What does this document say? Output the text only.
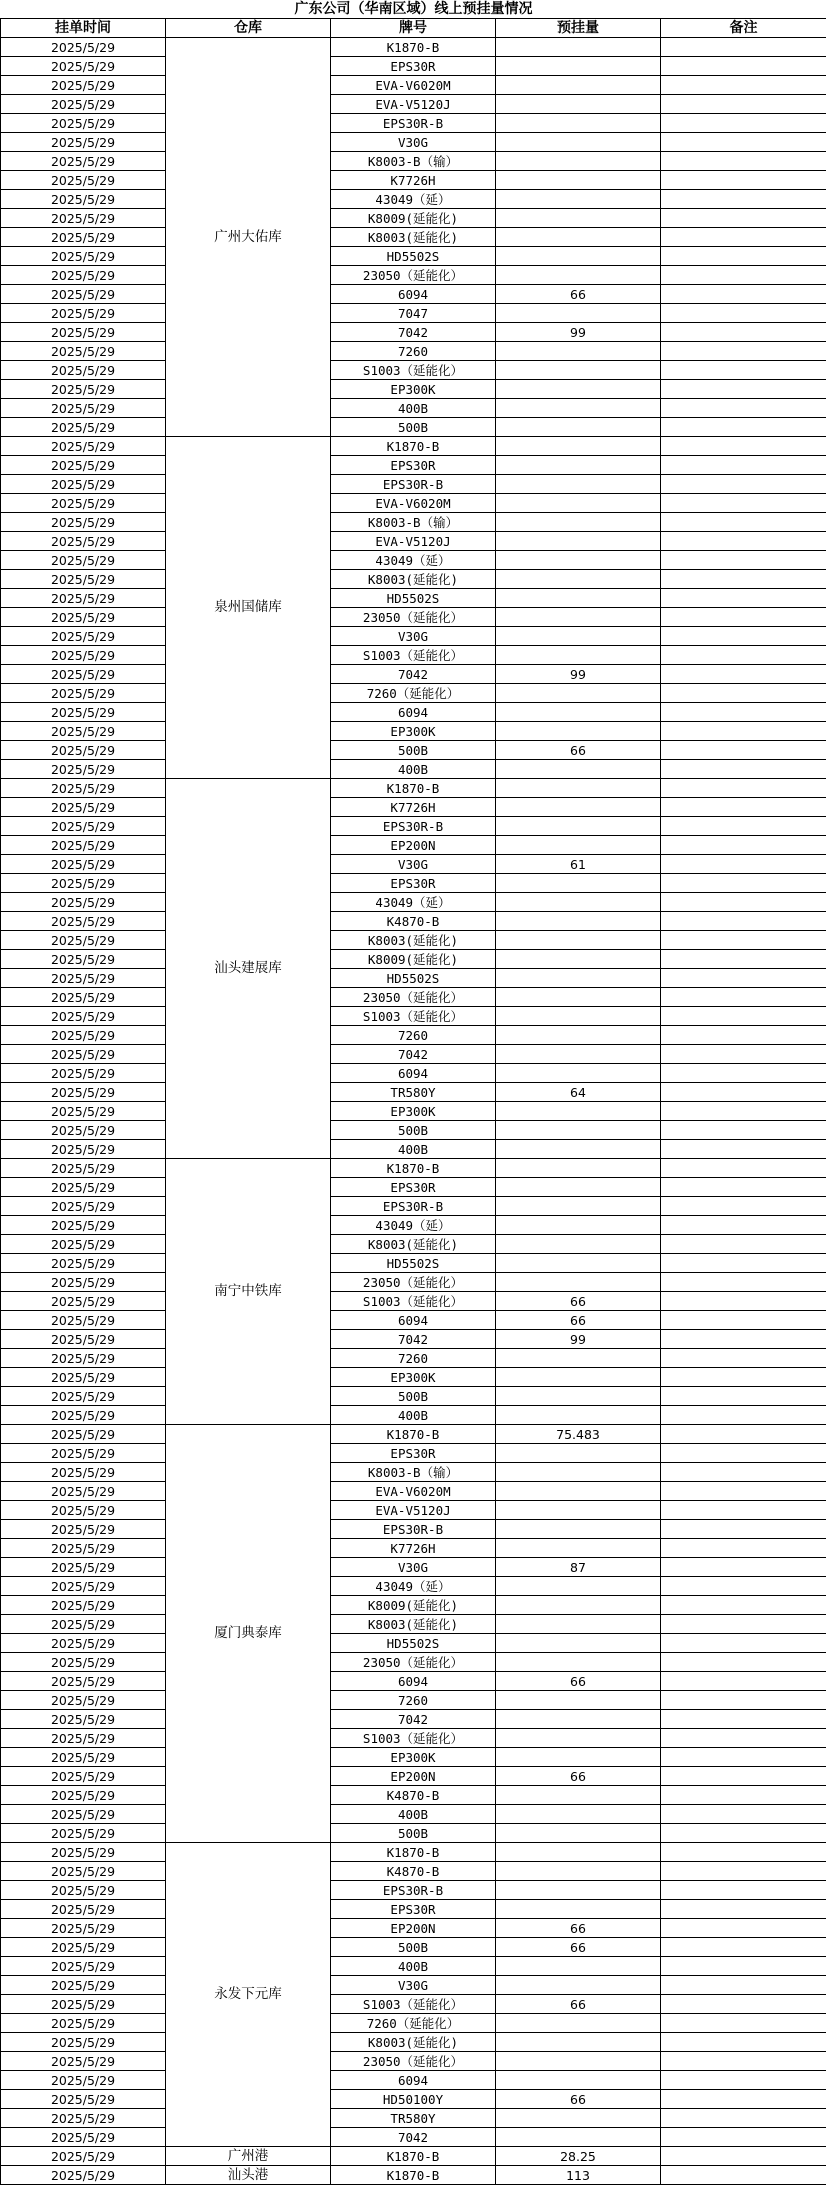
广东公司（华南区域）线上预挂量情况				
挂单时间	仓库	牌号	预挂量	备注
2025/5/29	广州大佑库	K1870-B		
2025/5/29		EPS30R		
2025/5/29		EVA-V6020M		
2025/5/29		EVA-V5120J		
2025/5/29		EPS30R-B		
2025/5/29		V30G		
2025/5/29		K8003-B（输）		
2025/5/29		K7726H		
2025/5/29		43049（延）		
2025/5/29		K8009(延能化)		
2025/5/29		K8003(延能化)		
2025/5/29		HD5502S		
2025/5/29		23050（延能化）		
2025/5/29		6094	66	
2025/5/29		7047		
2025/5/29		7042	99	
2025/5/29		7260		
2025/5/29		S1003（延能化）		
2025/5/29		EP300K		
2025/5/29		400B		
2025/5/29		500B		
2025/5/29	泉州国储库	K1870-B		
2025/5/29		EPS30R		
2025/5/29		EPS30R-B		
2025/5/29		EVA-V6020M		
2025/5/29		K8003-B（输）		
2025/5/29		EVA-V5120J		
2025/5/29		43049（延）		
2025/5/29		K8003(延能化)		
2025/5/29		HD5502S		
2025/5/29		23050（延能化）		
2025/5/29		V30G		
2025/5/29		S1003（延能化）		
2025/5/29		7042	99	
2025/5/29		7260（延能化）		
2025/5/29		6094		
2025/5/29		EP300K		
2025/5/29		500B	66	
2025/5/29		400B		
2025/5/29	汕头建展库	K1870-B		
2025/5/29		K7726H		
2025/5/29		EPS30R-B		
2025/5/29		EP200N		
2025/5/29		V30G	61	
2025/5/29		EPS30R		
2025/5/29		43049（延）		
2025/5/29		K4870-B		
2025/5/29		K8003(延能化)		
2025/5/29		K8009(延能化)		
2025/5/29		HD5502S		
2025/5/29		23050（延能化）		
2025/5/29		S1003（延能化）		
2025/5/29		7260		
2025/5/29		7042		
2025/5/29		6094		
2025/5/29		TR580Y	64	
2025/5/29		EP300K		
2025/5/29		500B		
2025/5/29		400B		
2025/5/29	南宁中铁库	K1870-B		
2025/5/29		EPS30R		
2025/5/29		EPS30R-B		
2025/5/29		43049（延）		
2025/5/29		K8003(延能化)		
2025/5/29		HD5502S		
2025/5/29		23050（延能化）		
2025/5/29		S1003（延能化）	66	
2025/5/29		6094	66	
2025/5/29		7042	99	
2025/5/29		7260		
2025/5/29		EP300K		
2025/5/29		500B		
2025/5/29		400B		
2025/5/29	厦门典泰库	K1870-B	75.483	
2025/5/29		EPS30R		
2025/5/29		K8003-B（输）		
2025/5/29		EVA-V6020M		
2025/5/29		EVA-V5120J		
2025/5/29		EPS30R-B		
2025/5/29		K7726H		
2025/5/29		V30G	87	
2025/5/29		43049（延）		
2025/5/29		K8009(延能化)		
2025/5/29		K8003(延能化)		
2025/5/29		HD5502S		
2025/5/29		23050（延能化）		
2025/5/29		6094	66	
2025/5/29		7260		
2025/5/29		7042		
2025/5/29		S1003（延能化）		
2025/5/29		EP300K		
2025/5/29		EP200N	66	
2025/5/29		K4870-B		
2025/5/29		400B		
2025/5/29		500B		
2025/5/29	永发下元库	K1870-B		
2025/5/29		K4870-B		
2025/5/29		EPS30R-B		
2025/5/29		EPS30R		
2025/5/29		EP200N	66	
2025/5/29		500B	66	
2025/5/29		400B		
2025/5/29		V30G		
2025/5/29		S1003（延能化）	66	
2025/5/29		7260（延能化）		
2025/5/29		K8003(延能化)		
2025/5/29		23050（延能化）		
2025/5/29		6094		
2025/5/29		HD50100Y	66	
2025/5/29		TR580Y		
2025/5/29		7042		
2025/5/29	广州港	K1870-B	28.25	
2025/5/29	汕头港	K1870-B	113	
